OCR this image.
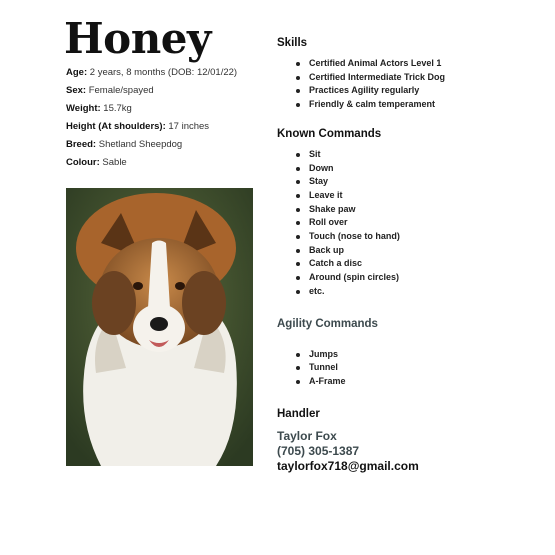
Honey
Age: 2 years, 8 months (DOB: 12/01/22)
Sex: Female/spayed
Weight: 15.7kg
Height (At shoulders): 17 inches
Breed: Shetland Sheepdog
Colour: Sable
Skills
Certified Animal Actors Level 1
Certified Intermediate Trick Dog
Practices Agility regularly
Friendly & calm temperament
Known Commands
Sit
Down
Stay
Leave it
Shake paw
Roll over
Touch (nose to hand)
Back up
Catch a disc
Around (spin circles)
etc.
Agility Commands
Jumps
Tunnel
A-Frame
Handler
Taylor Fox
(705) 305-1387
taylorfox718@gmail.com
